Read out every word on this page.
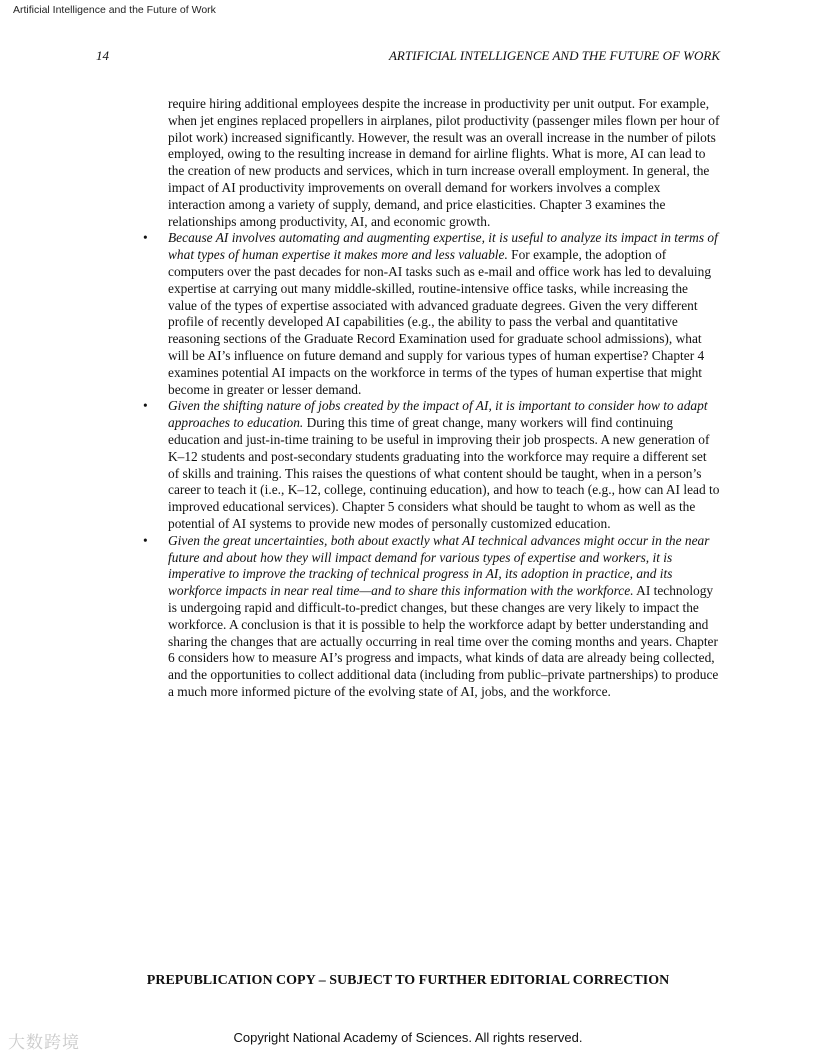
Artificial Intelligence and the Future of Work
14	ARTIFICIAL INTELLIGENCE AND THE FUTURE OF WORK

require hiring additional employees despite the increase in productivity per unit output. For example, when jet engines replaced propellers in airplanes, pilot productivity (passenger miles flown per hour of pilot work) increased significantly. However, the result was an overall increase in the number of pilots employed, owing to the resulting increase in demand for airline flights. What is more, AI can lead to the creation of new products and services, which in turn increase overall employment. In general, the impact of AI productivity improvements on overall demand for workers involves a complex interaction among a variety of supply, demand, and price elasticities. Chapter 3 examines the relationships among productivity, AI, and economic growth.

• Because AI involves automating and augmenting expertise, it is useful to analyze its impact in terms of what types of human expertise it makes more and less valuable. For example, the adoption of computers over the past decades for non-AI tasks such as e-mail and office work has led to devaluing expertise at carrying out many middle-skilled, routine-intensive office tasks, while increasing the value of the types of expertise associated with advanced graduate degrees. Given the very different profile of recently developed AI capabilities (e.g., the ability to pass the verbal and quantitative reasoning sections of the Graduate Record Examination used for graduate school admissions), what will be AI’s influence on future demand and supply for various types of human expertise? Chapter 4 examines potential AI impacts on the workforce in terms of the types of human expertise that might become in greater or lesser demand.
• Given the shifting nature of jobs created by the impact of AI, it is important to consider how to adapt approaches to education. During this time of great change, many workers will find continuing education and just-in-time training to be useful in improving their job prospects. A new generation of K–12 students and post-secondary students graduating into the workforce may require a different set of skills and training. This raises the questions of what content should be taught, when in a person’s career to teach it (i.e., K–12, college, continuing education), and how to teach (e.g., how can AI lead to improved educational services). Chapter 5 considers what should be taught to whom as well as the potential of AI systems to provide new modes of personally customized education.
• Given the great uncertainties, both about exactly what AI technical advances might occur in the near future and about how they will impact demand for various types of expertise and workers, it is imperative to improve the tracking of technical progress in AI, its adoption in practice, and its workforce impacts in near real time—and to share this information with the workforce. AI technology is undergoing rapid and difficult-to-predict changes, but these changes are very likely to impact the workforce. A conclusion is that it is possible to help the workforce adapt by better understanding and sharing the changes that are actually occurring in real time over the coming months and years. Chapter 6 considers how to measure AI’s progress and impacts, what kinds of data are already being collected, and the opportunities to collect additional data (including from public–private partnerships) to produce a much more informed picture of the evolving state of AI, jobs, and the workforce.
PREPUBLICATION COPY – SUBJECT TO FURTHER EDITORIAL CORRECTION
大数跨境	Copyright National Academy of Sciences. All rights reserved.
